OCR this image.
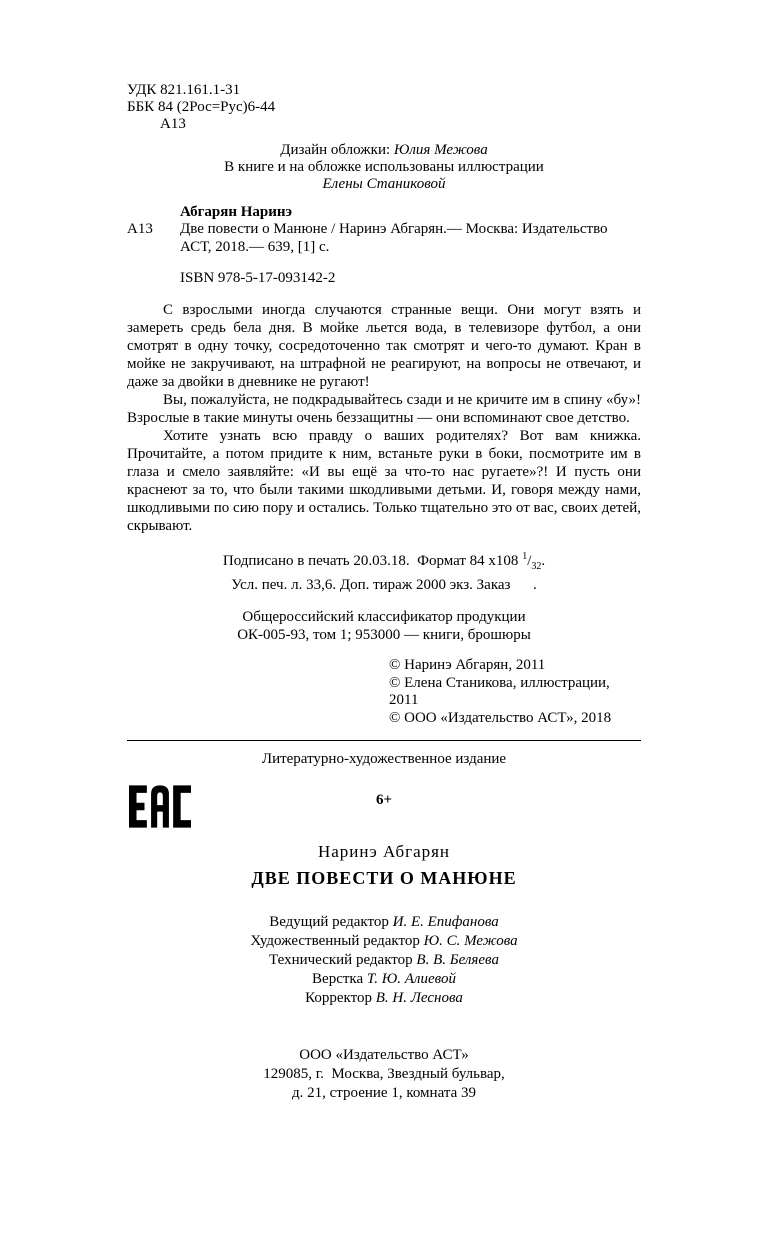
УДК 821.161.1-31

ББК 84 (2Рос=Рус)6-44

А13

Дизайн обложки: Юлия Межова

В книге и на обложке использованы иллюстрации

Елены Станиковой

Абгарян Наринэ

А13 Две повести о Манюне / Наринэ Абгарян.— Москва: Издательство АСТ, 2018.— 639, [1] с.

ISBN 978-5-17-093142-2

С взрослыми иногда случаются странные вещи. Они могут взять и замереть средь бела дня. В мойке льется вода, в телевизоре футбол, а они смотрят в одну точку, сосредоточенно так смотрят и чего-то думают. Кран в мойке не закручивают, на штрафной не реагируют, на вопросы не отвечают, и даже за двойки в дневнике не ругают!

Вы, пожалуйста, не подкрадывайтесь сзади и не кричите им в спину «бу»! Взрослые в такие минуты очень беззащитны — они вспоминают свое детство.

Хотите узнать всю правду о ваших родителях? Вот вам книжка. Прочитайте, а потом придите к ним, встаньте руки в боки, посмотрите им в глаза и смело заявляйте: «И вы ещё за что-то нас ругаете»?! И пусть они краснеют за то, что были такими шкодливыми детьми. И, говоря между нами, шкодливыми по сию пору и остались. Только тщательно это от вас, своих детей, скрывают.

Подписано в печать 20.03.18.  Формат 84 х108 $^1/_{32}$.

Усл. печ. л. 33,6. Доп. тираж 2000 экз. Заказ      .

Общероссийский классификатор продукции

ОК-005-93, том 1; 953000 — книги, брошюры

© Наринэ Абгарян, 2011

© Елена Станикова, иллюстрации, 2011

© ООО «Издательство АСТ», 2018

Литературно-художественное издание

6+

Наринэ Абгарян

ДВЕ ПОВЕСТИ О МАНЮНЕ

Ведущий редактор И. Е. Епифанова

Художественный редактор Ю. С. Межова

Технический редактор В. В. Беляева

Верстка Т. Ю. Алиевой

Корректор В. Н. Леснова

ООО «Издательство АСТ»

129085, г.  Москва, Звездный бульвар,

д. 21, строение 1, комната 39
